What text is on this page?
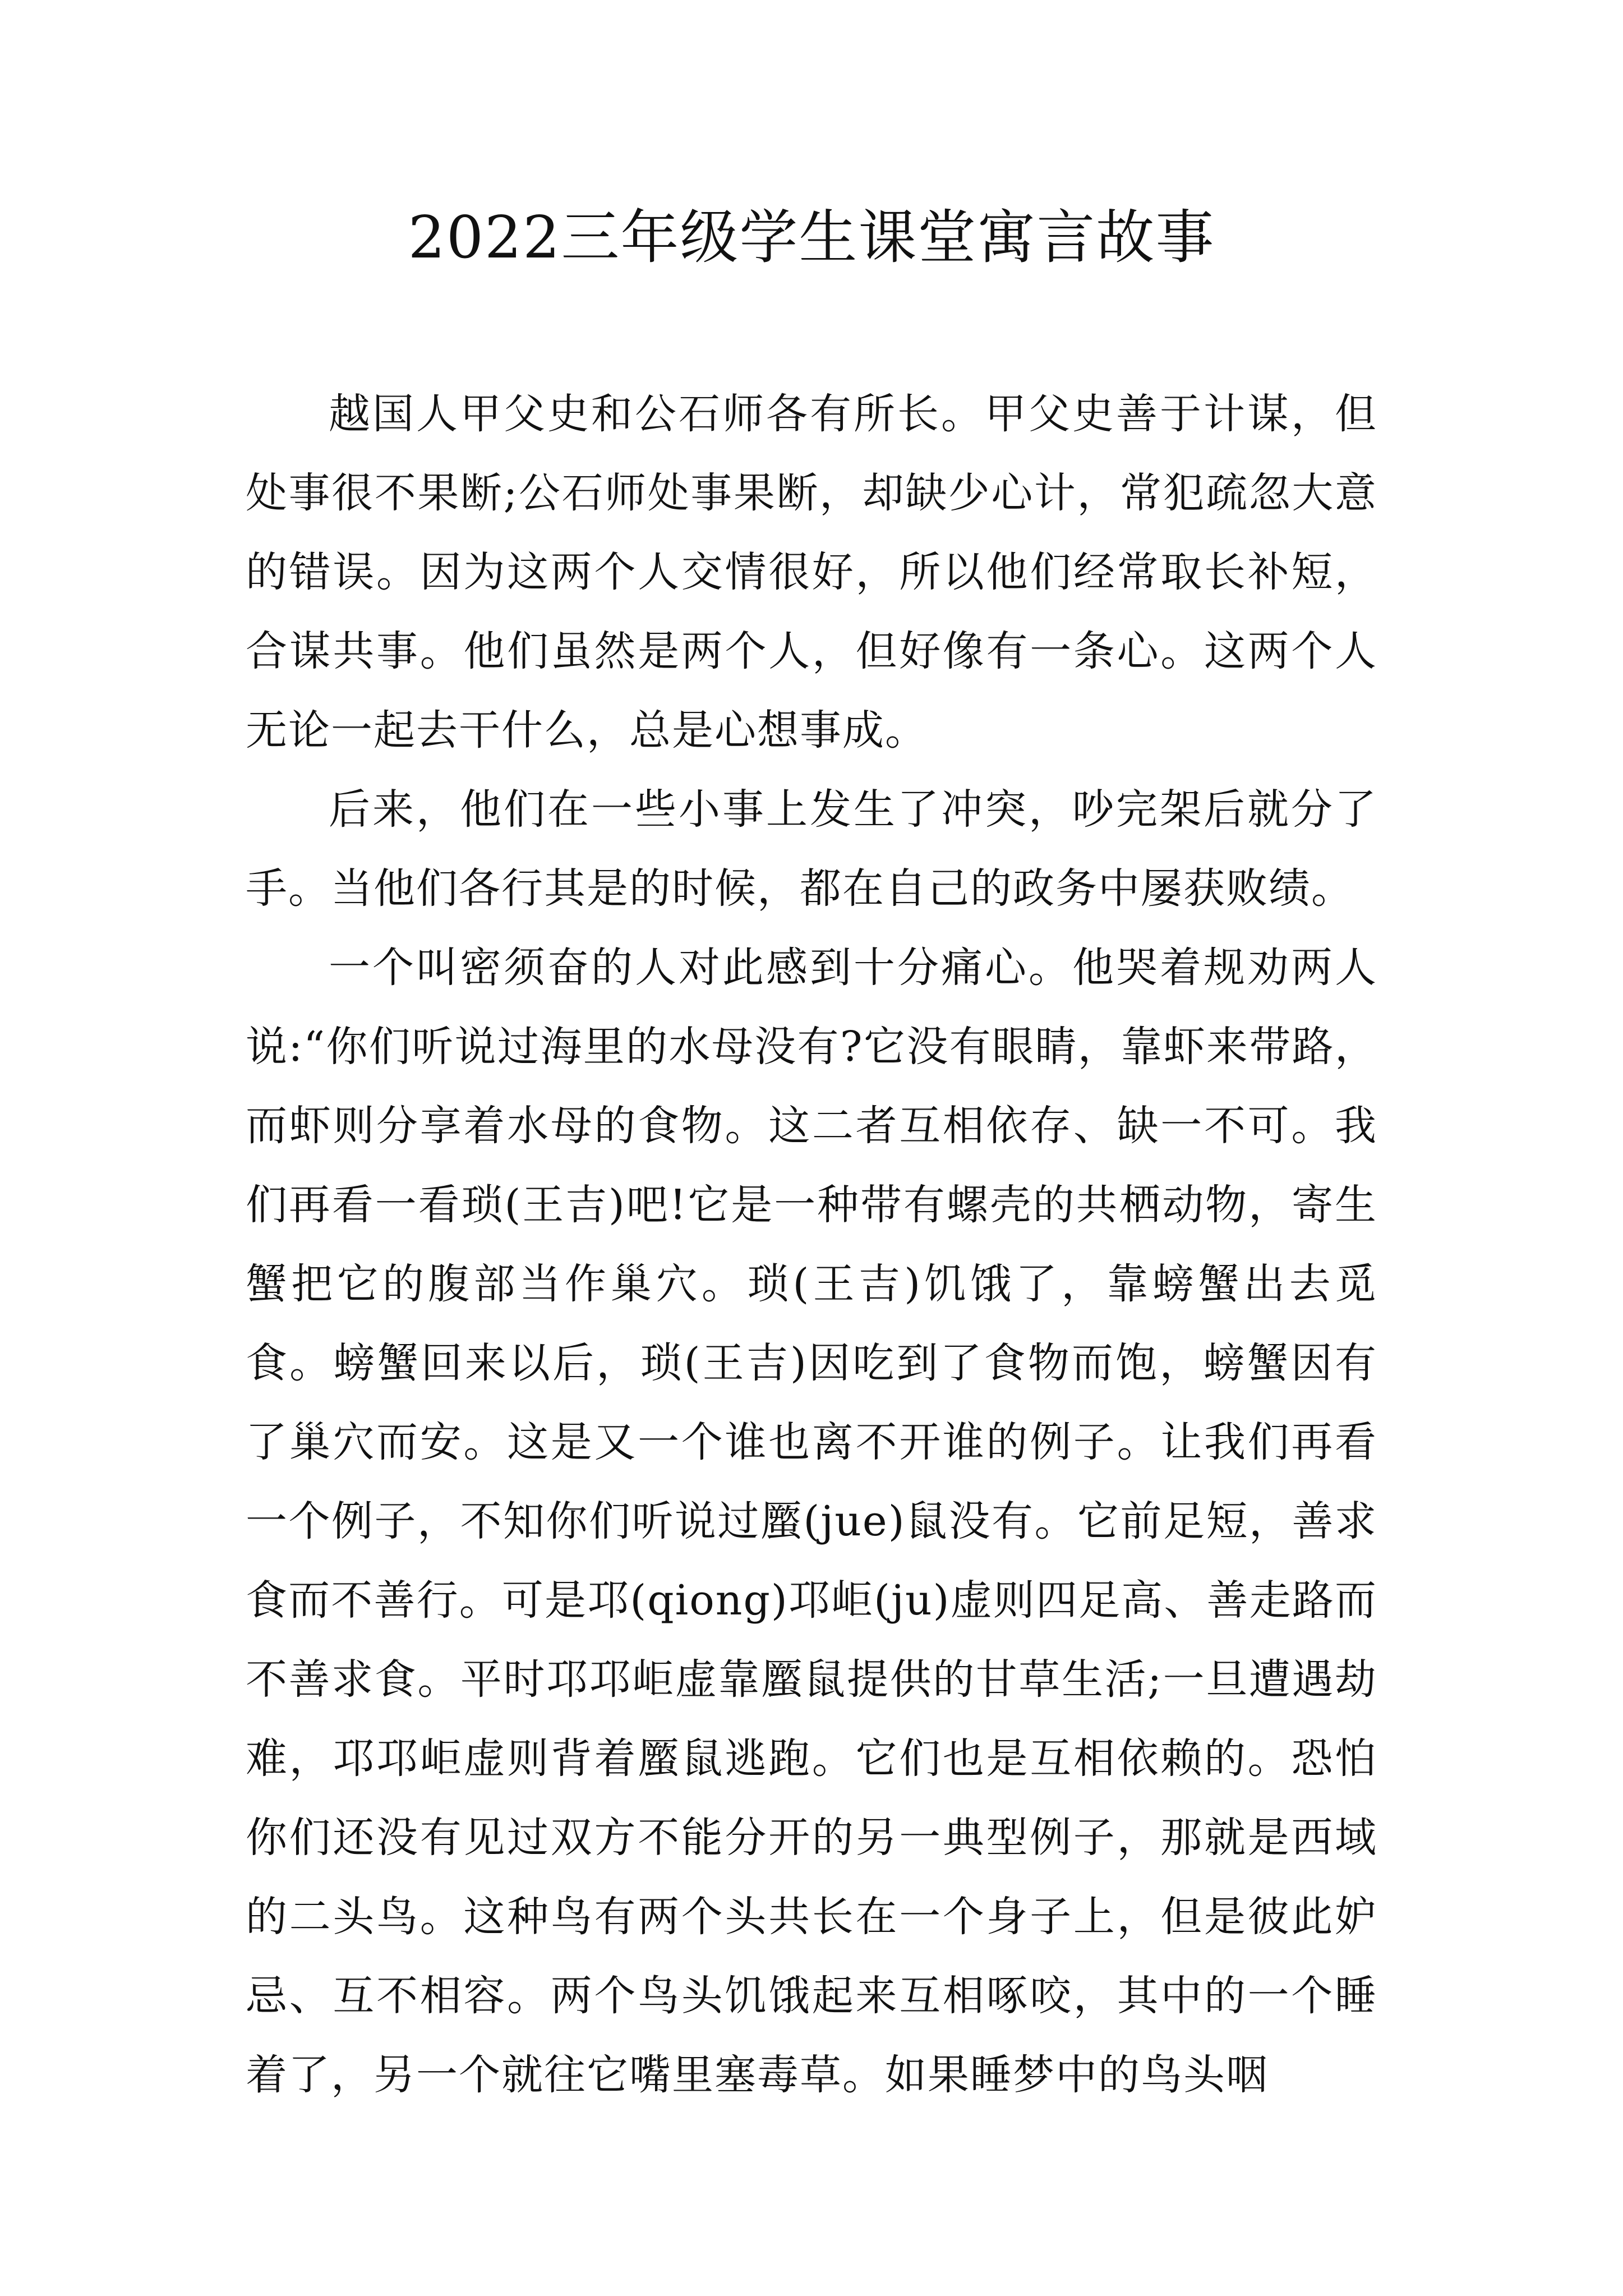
2022三年级学生课堂寓言故事

越国人甲父史和公石师各有所长。甲父史善于计谋，但处事很不果断;公石师处事果断，却缺少心计，常犯疏忽大意的错误。因为这两个人交情很好，所以他们经常取长补短，合谋共事。他们虽然是两个人，但好像有一条心。这两个人无论一起去干什么，总是心想事成。

后来，他们在一些小事上发生了冲突，吵完架后就分了手。当他们各行其是的时候，都在自己的政务中屡获败绩。

一个叫密须奋的人对此感到十分痛心。他哭着规劝两人说:“你们听说过海里的水母没有?它没有眼睛，靠虾来带路，而虾则分享着水母的食物。这二者互相依存、缺一不可。我们再看一看琐(王吉)吧!它是一种带有螺壳的共栖动物，寄生蟹把它的腹部当作巢穴。琐(王吉)饥饿了，靠螃蟹出去觅食。螃蟹回来以后，琐(王吉)因吃到了食物而饱，螃蟹因有了巢穴而安。这是又一个谁也离不开谁的例子。让我们再看一个例子，不知你们听说过蟨(jue)鼠没有。它前足短，善求食而不善行。可是邛(qiong)邛岠(ju)虚则四足高、善走路而不善求食。平时邛邛岠虚靠蟨鼠提供的甘草生活;一旦遭遇劫难，邛邛岠虚则背着蟨鼠逃跑。它们也是互相依赖的。恐怕你们还没有见过双方不能分开的另一典型例子，那就是西域的二头鸟。这种鸟有两个头共长在一个身子上，但是彼此妒忌、互不相容。两个鸟头饥饿起来互相啄咬，其中的一个睡着了，另一个就往它嘴里塞毒草。如果睡梦中的鸟头咽
